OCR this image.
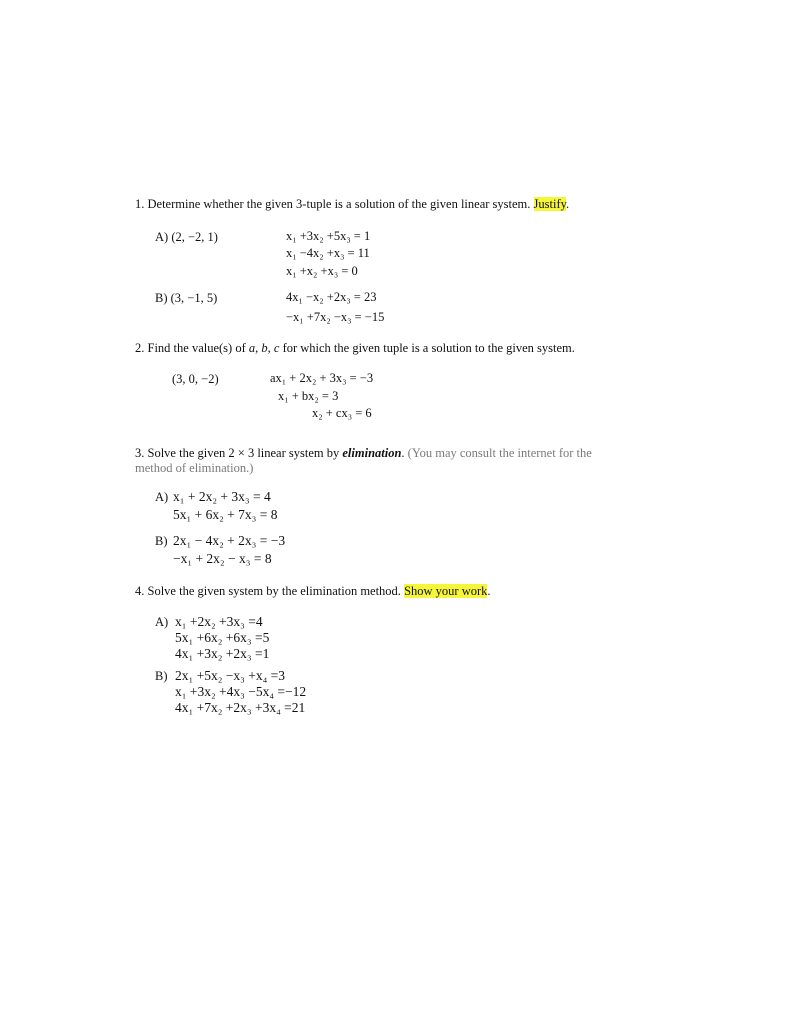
1. Determine whether the given 3-tuple is a solution of the given linear system. Justify.
A) (2, −2, 1)	x₁ +3x₂ +5x₃ = 1
x₁ −4x₂ +x₃ = 11
x₁ +x₂ +x₃ = 0
B) (3, −1, 5)	4x₁ −x₂ +2x₃ = 23
−x₁ +7x₂ −x₃ = −15
2. Find the value(s) of a, b, c for which the given tuple is a solution to the given system.
(3, 0, −2)	ax₁ + 2x₂ + 3x₃ = −3
x₁ + bx₂ = 3
x₂ + cx₃ = 6
3. Solve the given 2 × 3 linear system by elimination. (You may consult the internet for the
method of elimination.)
A) x₁ + 2x₂ + 3x₃ = 4
5x₁ + 6x₂ + 7x₃ = 8
B) 2x₁ − 4x₂ + 2x₃ = −3
−x₁ + 2x₂ − x₃ = 8
4. Solve the given system by the elimination method. Show your work.
A) x₁ +2x₂ +3x₃ =4
5x₁ +6x₂ +6x₃ =5
4x₁ +3x₂ +2x₃ =1
B) 2x₁ +5x₂ −x₃ +x₄ =3
x₁ +3x₂ +4x₃ −5x₄ =−12
4x₁ +7x₂ +2x₃ +3x₄ =21
